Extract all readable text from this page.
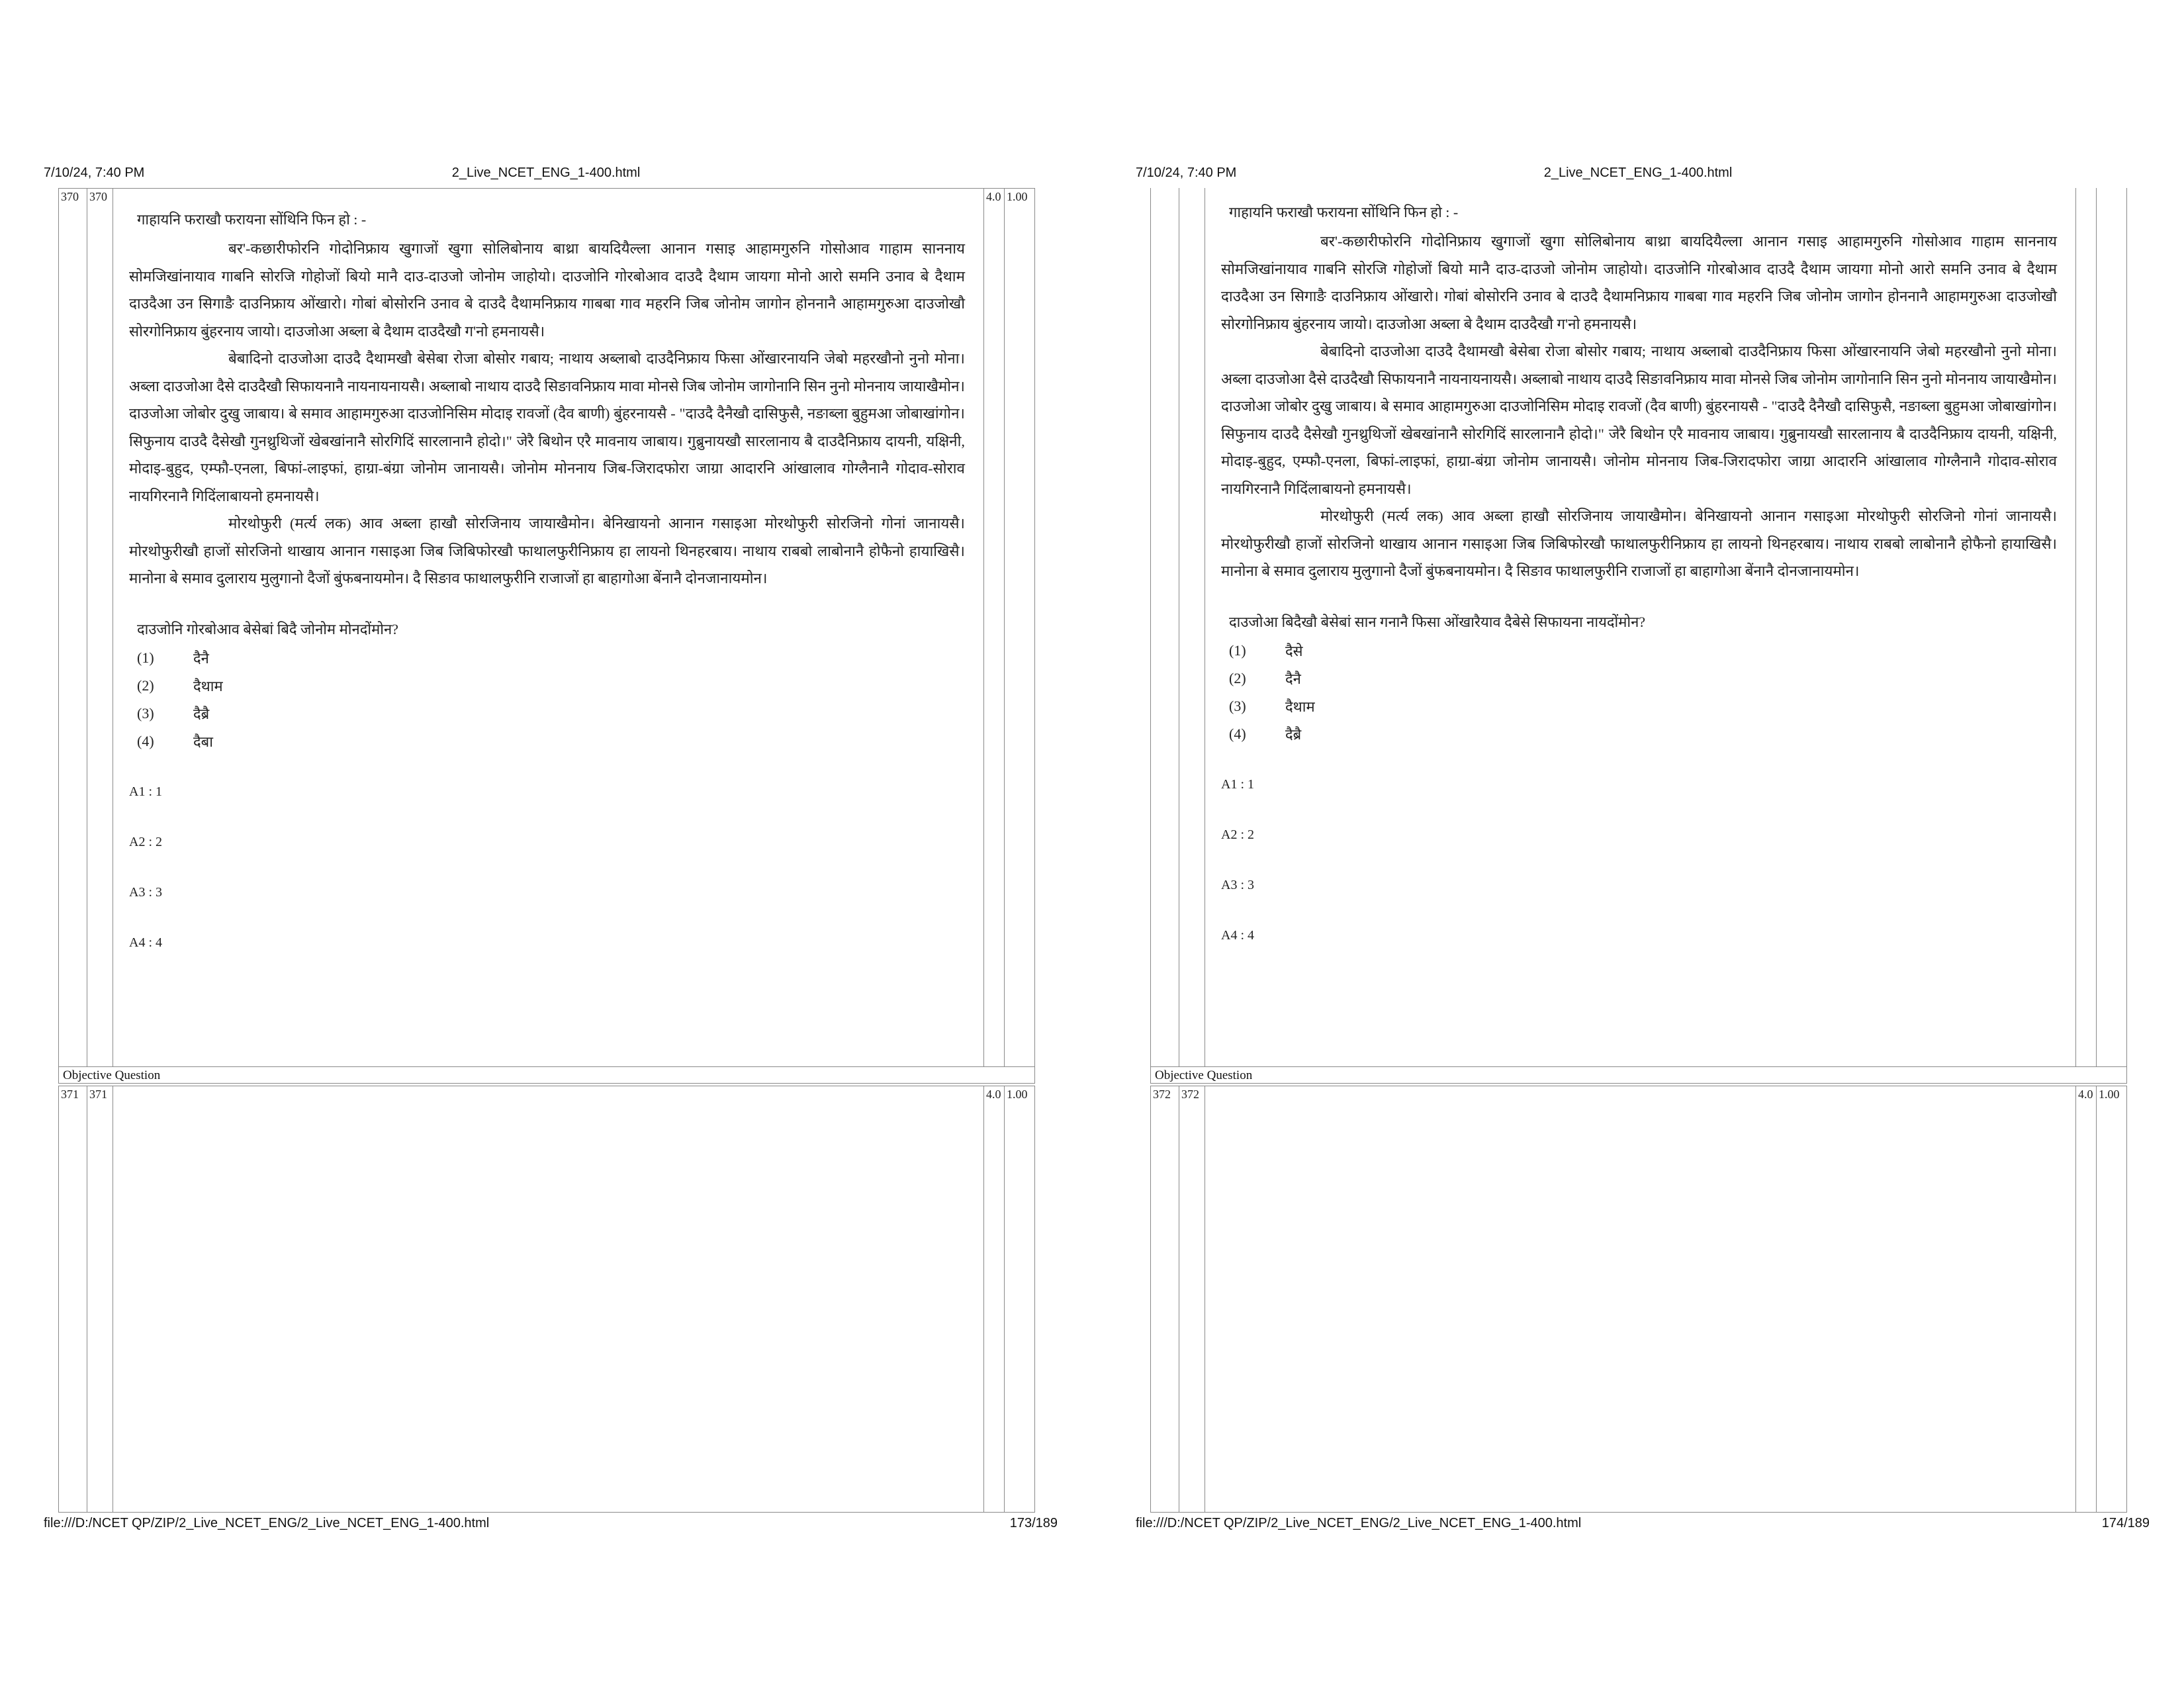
7/10/24, 7:40 PM	2_Live_NCET_ENG_1-400.html
370 370
गाहायनि फराखौ फरायना सोंथिनि फिन हो : -

बर'-कछारीफोरनि गोदोनिफ्राय खुगाजों खुगा सोलिबोनाय बाथ्रा बायदियैल्ला आनान गसाइ आहामगुरुनि गोसोआव गाहाम साननाय सोमजिखांनायाव गाबनि सोरजि गोहोजों बियो मानै दाउ-दाउजो जोनोम जाहोयो। दाउजोनि गोरबोआव दाउदै दैथाम जायगा मोनो आरो समनि उनाव बे दैथाम दाउदैआ उन सिगाङै दाउनिफ्राय ओंखारो। गोबां बोसोरनि उनाव बे दाउदै दैथामनिफ्राय गाबबा गाव महरनि जिब जोनोम जागोन होननानै आहामगुरुआ दाउजोखौ सोरगोनिफ्राय बुंहरनाय जायो। दाउजोआ अब्ला बे दैथाम दाउदैखौ ग'नो हमनायसै।

बेबादिनो दाउजोआ दाउदै दैथामखौ बेसेबा रोजा बोसोर गबाय; नाथाय अब्लाबो दाउदैनिफ्राय फिसा ओंखारनायनि जेबो महरखौनो नुनो मोना। अब्ला दाउजोआ दैसे दाउदैखौ सिफायनानै नायनायनायसै। अब्लाबो नाथाय दाउदै सिङावनिफ्राय मावा मोनसे जिब जोनोम जागोनानि सिन नुनो मोननाय जायाखैमोन। दाउजोआ जोबोर दुखु जाबाय। बे समाव आहामगुरुआ दाउजोनिसिम मोदाइ रावजों (दैव बाणी) बुंहरनायसै - "दाउदै दैनैखौ दासिफुसै, नङाब्ला बुहुमआ जोबाखांगोन। सिफुनाय दाउदै दैसेखौ गुनथ्रुथिजों खेबखांनानै सोरगिदिं सारलानानै होदो।" जेरै बिथोन एरै मावनाय जाबाय। गुब्रुनायखौ सारलानाय बै दाउदैनिफ्राय दायनी, यक्षिनी, मोदाइ-बुहुद, एम्फौ-एनला, बिफां-लाइफां, हाग्रा-बंग्रा जोनोम जानायसै। जोनोम मोननाय जिब-जिरादफोरा जाग्रा आदारनि आंखालाव गोग्लैनानै गोदाव-सोराव नायगिरनानै गिदिंलाबायनो हमनायसै।

मोरथोफुरी (मर्त्य लक) आव अब्ला हाखौ सोरजिनाय जायाखैमोन। बेनिखायनो आनान गसाइआ मोरथोफुरी सोरजिनो गोनां जानायसै। मोरथोफुरीखौ हाजों सोरजिनो थाखाय आनान गसाइआ जिब जिबिफोरखौ फाथालफुरीनिफ्राय हा लायनो थिनहरबाय। नाथाय राबबो लाबोनानै होफैनो हायाखिसै। मानोना बे समाव दुलाराय मुलुगानो दैजों बुंफबनायमोन। दै सिङाव फाथालफुरीनि राजाजों हा बाहागोआ बेंनानै दोनजानायमोन।

दाउजोनि गोरबोआव बेसेबां बिदै जोनोम मोनदोंमोन?
(1)	दैनै
(2)	दैथाम
(3)	दैब्रै
(4)	दैबा
A1 : 1
A2 : 2
A3 : 3
A4 : 4
4.0 1.00
Objective Question
371 371	4.0 1.00
file:///D:/NCET QP/ZIP/2_Live_NCET_ENG/2_Live_NCET_ENG_1-400.html	173/189
7/10/24, 7:40 PM	2_Live_NCET_ENG_1-400.html
गाहायनि फराखौ फरायना सोंथिनि फिन हो : -

बर'-कछारीफोरनि गोदोनिफ्राय खुगाजों खुगा सोलिबोनाय बाथ्रा बायदियैल्ला आनान गसाइ आहामगुरुनि गोसोआव गाहाम साननाय सोमजिखांनायाव गाबनि सोरजि गोहोजों बियो मानै दाउ-दाउजो जोनोम जाहोयो। दाउजोनि गोरबोआव दाउदै दैथाम जायगा मोनो आरो समनि उनाव बे दैथाम दाउदैआ उन सिगाङै दाउनिफ्राय ओंखारो। गोबां बोसोरनि उनाव बे दाउदै दैथामनिफ्राय गाबबा गाव महरनि जिब जोनोम जागोन होननानै आहामगुरुआ दाउजोखौ सोरगोनिफ्राय बुंहरनाय जायो। दाउजोआ अब्ला बे दैथाम दाउदैखौ ग'नो हमनायसै।

बेबादिनो दाउजोआ दाउदै दैथामखौ बेसेबा रोजा बोसोर गबाय; नाथाय अब्लाबो दाउदैनिफ्राय फिसा ओंखारनायनि जेबो महरखौनो नुनो मोना। अब्ला दाउजोआ दैसे दाउदैखौ सिफायनानै नायनायनायसै। अब्लाबो नाथाय दाउदै सिङावनिफ्राय मावा मोनसे जिब जोनोम जागोनानि सिन नुनो मोननाय जायाखैमोन। दाउजोआ जोबोर दुखु जाबाय। बे समाव आहामगुरुआ दाउजोनिसिम मोदाइ रावजों (दैव बाणी) बुंहरनायसै - "दाउदै दैनैखौ दासिफुसै, नङाब्ला बुहुमआ जोबाखांगोन। सिफुनाय दाउदै दैसेखौ गुनथ्रुथिजों खेबखांनानै सोरगिदिं सारलानानै होदो।" जेरै बिथोन एरै मावनाय जाबाय। गुब्रुनायखौ सारलानाय बै दाउदैनिफ्राय दायनी, यक्षिनी, मोदाइ-बुहुद, एम्फौ-एनला, बिफां-लाइफां, हाग्रा-बंग्रा जोनोम जानायसै। जोनोम मोननाय जिब-जिरादफोरा जाग्रा आदारनि आंखालाव गोग्लैनानै गोदाव-सोराव नायगिरनानै गिदिंलाबायनो हमनायसै।

मोरथोफुरी (मर्त्य लक) आव अब्ला हाखौ सोरजिनाय जायाखैमोन। बेनिखायनो आनान गसाइआ मोरथोफुरी सोरजिनो गोनां जानायसै। मोरथोफुरीखौ हाजों सोरजिनो थाखाय आनान गसाइआ जिब जिबिफोरखौ फाथालफुरीनिफ्राय हा लायनो थिनहरबाय। नाथाय राबबो लाबोनानै होफैनो हायाखिसै। मानोना बे समाव दुलाराय मुलुगानो दैजों बुंफबनायमोन। दै सिङाव फाथालफुरीनि राजाजों हा बाहागोआ बेंनानै दोनजानायमोन।

दाउजोआ बिदैखौ बेसेबां सान गनानै फिसा ओंखारैयाव दैबेसे सिफायना नायदोंमोन?
(1)	दैसे
(2)	दैनै
(3)	दैथाम
(4)	दैब्रै
A1 : 1
A2 : 2
A3 : 3
A4 : 4
Objective Question
372 372	4.0 1.00
file:///D:/NCET QP/ZIP/2_Live_NCET_ENG/2_Live_NCET_ENG_1-400.html	174/189
